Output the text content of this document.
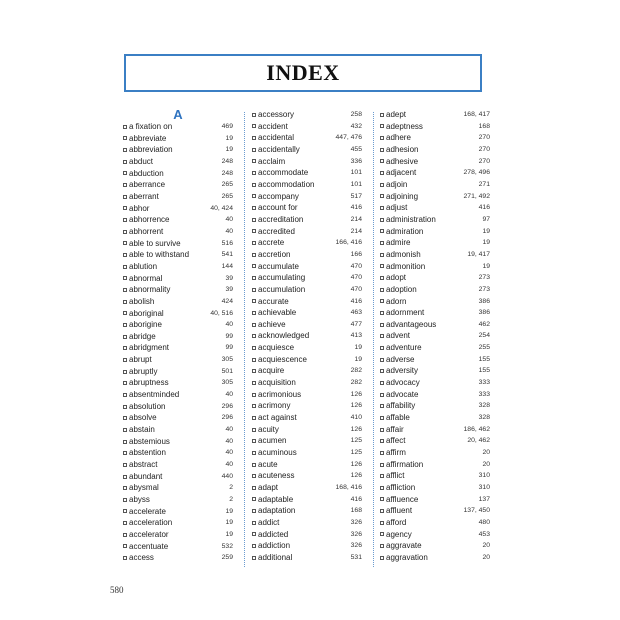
INDEX
A
a fixation on	469
abbreviate	19
abbreviation	19
abduct	248
abduction	248
aberrance	265
aberrant	265
abhor	40, 424
abhorrence	40
abhorrent	40
able to survive	516
able to withstand	541
ablution	144
abnormal	39
abnormality	39
abolish	424
aboriginal	40, 516
aborigine	40
abridge	99
abridgment	99
abrupt	305
abruptly	501
abruptness	305
absentminded	40
absolution	296
absolve	296
abstain	40
abstemious	40
abstention	40
abstract	40
abundant	440
abysmal	2
abyss	2
accelerate	19
acceleration	19
accelerator	19
accentuate	532
access	259
accessory	258
accident	432
accidental	447, 476
accidentally	455
acclaim	336
accommodate	101
accommodation	101
accompany	517
account for	416
accreditation	214
accredited	214
accrete	166, 416
accretion	166
accumulate	470
accumulating	470
accumulation	470
accurate	416
achievable	463
achieve	477
acknowledged	413
acquiesce	19
acquiescence	19
acquire	282
acquisition	282
acrimonious	126
acrimony	126
act against	410
acuity	126
acumen	125
acuminous	125
acute	126
acuteness	126
adapt	168, 416
adaptable	416
adaptation	168
addict	326
addicted	326
addiction	326
additional	531
adept	168, 417
adeptness	168
adhere	270
adhesion	270
adhesive	270
adjacent	278, 496
adjoin	271
adjoining	271, 492
adjust	416
administration	97
admiration	19
admire	19
admonish	19, 417
admonition	19
adopt	273
adoption	273
adorn	386
adornment	386
advantageous	462
advent	254
adventure	255
adverse	155
adversity	155
advocacy	333
advocate	333
affability	328
affable	328
affair	186, 462
affect	20, 462
affirm	20
affirmation	20
afflict	310
affliction	310
affluence	137
affluent	137, 450
afford	480
agency	453
aggravate	20
aggravation	20
580
